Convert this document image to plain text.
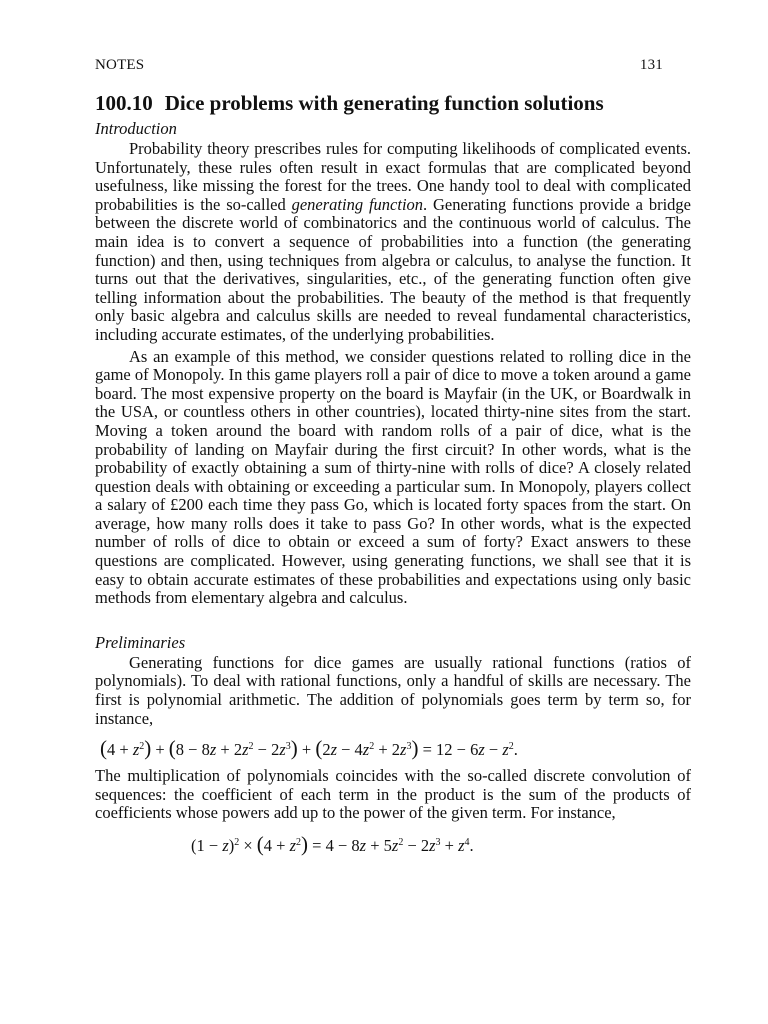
NOTES	131
100.10 Dice problems with generating function solutions
Introduction

Probability theory prescribes rules for computing likelihoods of complicated events. Unfortunately, these rules often result in exact formulas that are complicated beyond usefulness, like missing the forest for the trees. One handy tool to deal with complicated probabilities is the so-called generating function. Generating functions provide a bridge between the discrete world of combinatorics and the continuous world of calculus. The main idea is to convert a sequence of probabilities into a function (the generating function) and then, using techniques from algebra or calculus, to analyse the function. It turns out that the derivatives, singularities, etc., of the generating function often give telling information about the probabilities. The beauty of the method is that frequently only basic algebra and calculus skills are needed to reveal fundamental characteristics, including accurate estimates, of the underlying probabilities.

As an example of this method, we consider questions related to rolling dice in the game of Monopoly. In this game players roll a pair of dice to move a token around a game board. The most expensive property on the board is Mayfair (in the UK, or Boardwalk in the USA, or countless others in other countries), located thirty-nine sites from the start. Moving a token around the board with random rolls of a pair of dice, what is the probability of landing on Mayfair during the first circuit? In other words, what is the probability of exactly obtaining a sum of thirty-nine with rolls of dice? A closely related question deals with obtaining or exceeding a particular sum. In Monopoly, players collect a salary of £200 each time they pass Go, which is located forty spaces from the start. On average, how many rolls does it take to pass Go? In other words, what is the expected number of rolls of dice to obtain or exceed a sum of forty? Exact answers to these questions are complicated. However, using generating functions, we shall see that it is easy to obtain accurate estimates of these probabilities and expectations using only basic methods from elementary algebra and calculus.

Preliminaries

Generating functions for dice games are usually rational functions (ratios of polynomials). To deal with rational functions, only a handful of skills are necessary. The first is polynomial arithmetic. The addition of polynomials goes term by term so, for instance,

$(4 + z^2) + (8 - 8z + 2z^2 - 2z^3) + (2z - 4z^2 + 2z^3) = 12 - 6z - z^2$.

The multiplication of polynomials coincides with the so-called discrete convolution of sequences: the coefficient of each term in the product is the sum of the products of coefficients whose powers add up to the power of the given term. For instance,

$(1 - z)^2 \times (4 + z^2) = 4 - 8z + 5z^2 - 2z^3 + z^4$.
